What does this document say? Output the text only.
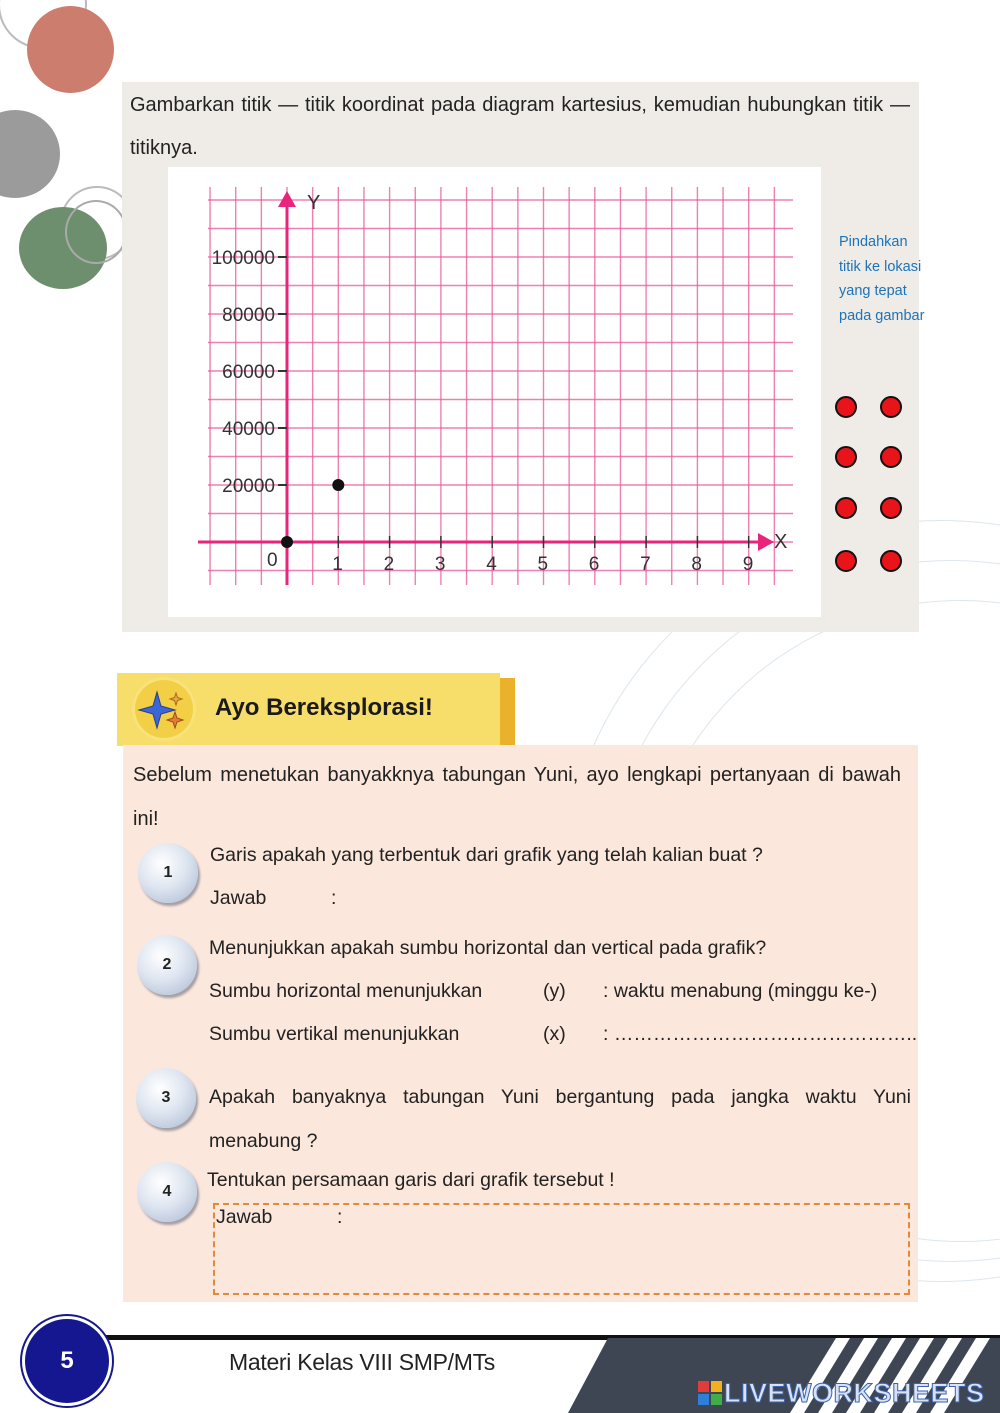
Gambarkan titik — titik koordinat pada diagram kartesius, kemudian hubungkan titik — titiknya.
X
Y
0	1 2 3 4 5 6 7 8 9
20000
40000
60000
80000
100000
Pindahkan titik ke lokasi yang tepat pada gambar
Ayo Bereksplorasi!
Sebelum menetukan banyakknya tabungan Yuni, ayo lengkapi pertanyaan di bawah ini!
1
Garis apakah yang terbentuk dari grafik yang telah kalian buat ?
Jawab	:
2
Menunjukkan apakah sumbu horizontal dan vertical pada grafik?
Sumbu horizontal menunjukkan	(y) : waktu menabung (minggu ke-)
Sumbu vertikal menunjukkan	(x) : ………………………………………..
3 Apakah banyaknya tabungan Yuni bergantung pada jangka waktu Yuni menabung ?
4
Tentukan persamaan garis dari grafik tersebut !
Jawab	:
5	Materi Kelas VIII SMP/MTs
LIVEWORKSHEETS
